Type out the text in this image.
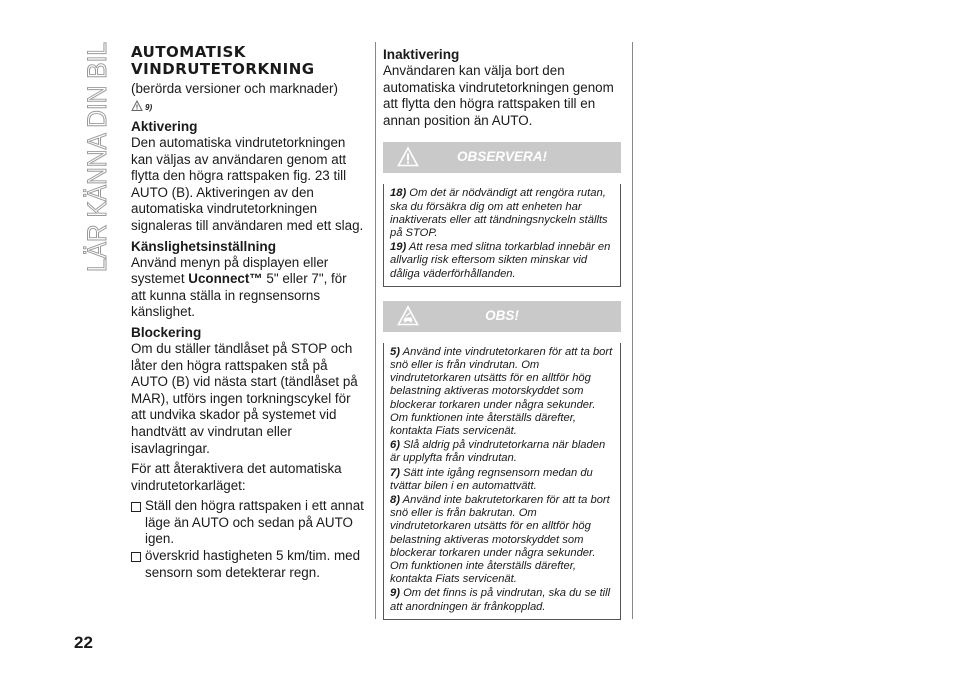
LÄR KÄNNA DIN BIL AUTOMATISK
VINDRUTETORKNING

(berörda versioner och marknader)

9)
Aktivering

Den automatiska vindrutetorkningen kan väljas av användaren genom att flytta den högra rattspaken fig. 23 till AUTO (B). Aktiveringen av den automatiska vindrutetorkningen signaleras till användaren med ett slag.

Känslighetsinställning

Använd menyn på displayen eller systemet Uconnect™ 5" eller 7", för att kunna ställa in regnsensorns känslighet.

Blockering

Om du ställer tändlåset på STOP och låter den högra rattspaken stå på AUTO (B) vid nästa start (tändlåset på MAR), utförs ingen torkningscykel för att undvika skador på systemet vid handtvätt av vindrutan eller isavlagringar.

För att återaktivera det automatiska vindrutetorkarläget:

Ställ den högra rattspaken i ett annat läge än AUTO och sedan på AUTO igen.

överskrid hastigheten 5 km/tim. med sensorn som detekterar regn.

Inaktivering

Användaren kan välja bort den automatiska vindrutetorkningen genom att flytta den högra rattspaken till en annan position än AUTO.

OBSERVERA!

18) Om det är nödvändigt att rengöra rutan, ska du försäkra dig om att enheten har inaktiverats eller att tändningsnyckeln ställts på STOP.

19) Att resa med slitna torkarblad innebär en allvarlig risk eftersom sikten minskar vid dåliga väderförhållanden.

OBS!

5) Använd inte vindrutetorkaren för att ta bort snö eller is från vindrutan. Om vindrutetorkaren utsätts för en alltför hög belastning aktiveras motorskyddet som blockerar torkaren under några sekunder. Om funktionen inte återställs därefter, kontakta Fiats servicenät.

6) Slå aldrig på vindrutetorkarna när bladen är upplyfta från vindrutan.

7) Sätt inte igång regnsensorn medan du tvättar bilen i en automattvätt.

8) Använd inte bakrutetorkaren för att ta bort snö eller is från bakrutan. Om vindrutetorkaren utsätts för en alltför hög belastning aktiveras motorskyddet som blockerar torkaren under några sekunder. Om funktionen inte återställs därefter, kontakta Fiats servicenät.

9) Om det finns is på vindrutan, ska du se till att anordningen är frånkopplad.

22
